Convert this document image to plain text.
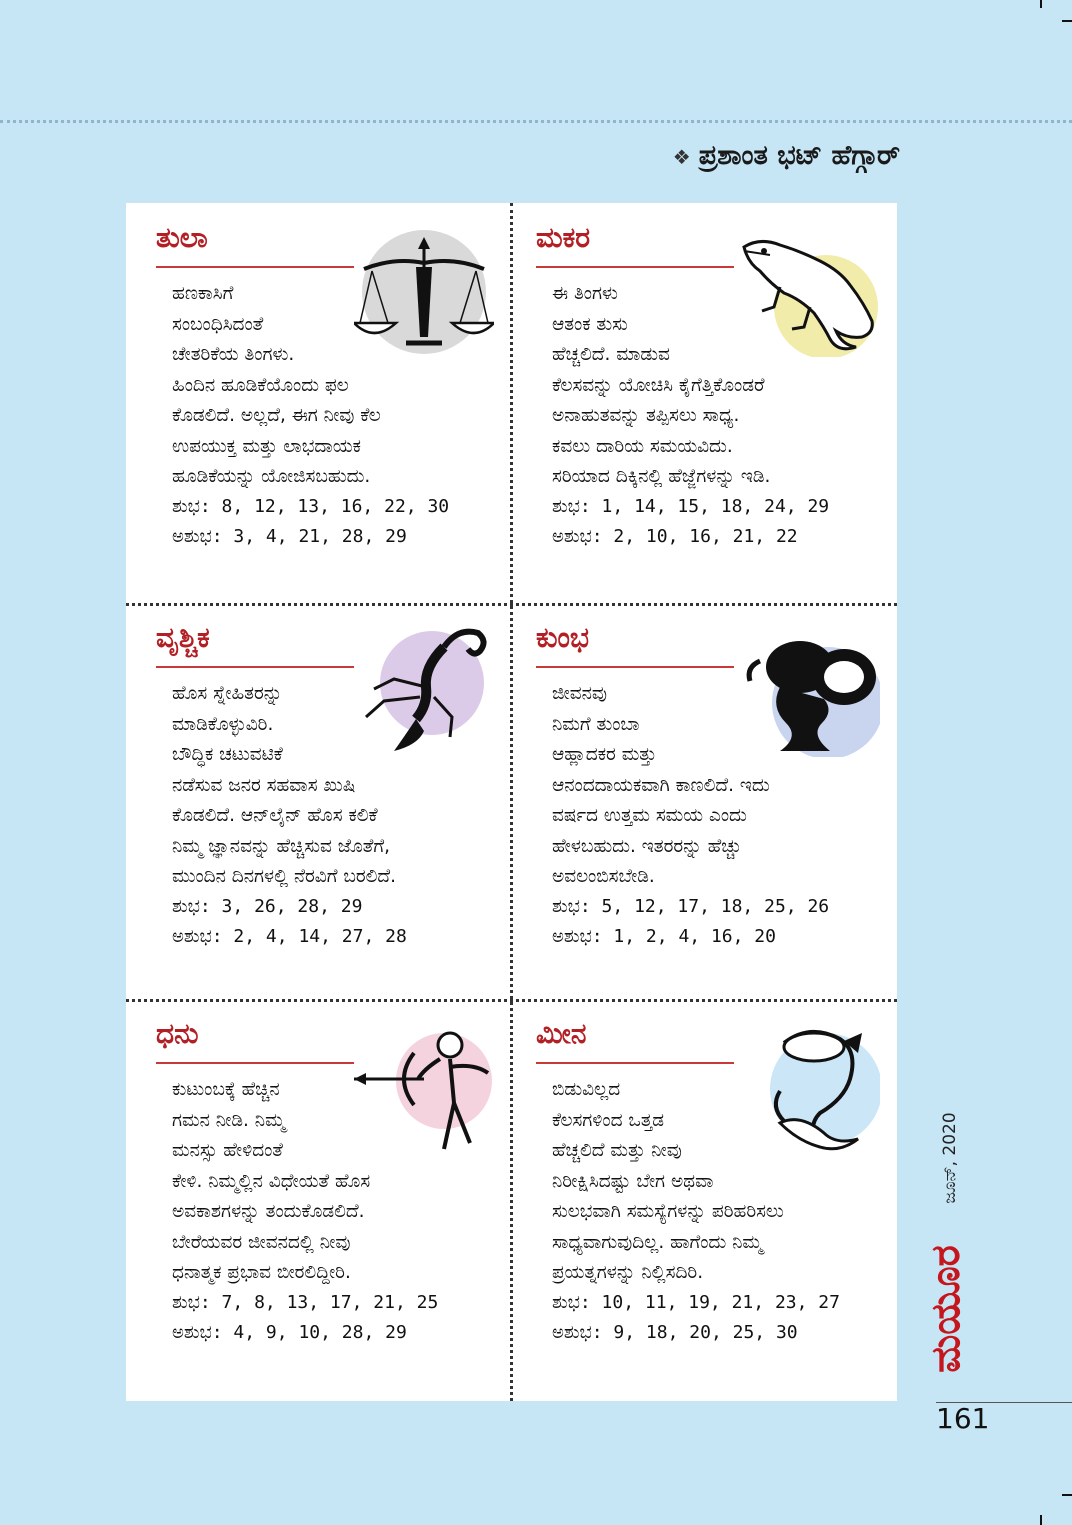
❖ ಪ್ರಶಾಂತ ಭಟ್ ಹೆಗ್ಗಾರ್
ತುಲಾ
ಹಣಕಾಸಿಗೆ
ಸಂಬಂಧಿಸಿದಂತೆ
ಚೇತರಿಕೆಯ ತಿಂಗಳು.
ಹಿಂದಿನ ಹೂಡಿಕೆಯೊಂದು ಫಲ
ಕೊಡಲಿದೆ. ಅಲ್ಲದೆ, ಈಗ ನೀವು ಕೆಲ
ಉಪಯುಕ್ತ ಮತ್ತು ಲಾಭದಾಯಕ
ಹೂಡಿಕೆಯನ್ನು ಯೋಜಿಸಬಹುದು.
ಶುಭ: 8, 12, 13, 16, 22, 30
ಅಶುಭ: 3, 4, 21, 28, 29
ಮಕರ
ಈ ತಿಂಗಳು
ಆತಂಕ ತುಸು
ಹೆಚ್ಚಲಿದೆ. ಮಾಡುವ
ಕೆಲಸವನ್ನು ಯೋಚಿಸಿ ಕೈಗೆತ್ತಿಕೊಂಡರೆ
ಅನಾಹುತವನ್ನು ತಪ್ಪಿಸಲು ಸಾಧ್ಯ.
ಕವಲು ದಾರಿಯ ಸಮಯವಿದು.
ಸರಿಯಾದ ದಿಕ್ಕಿನಲ್ಲಿ ಹೆಜ್ಜೆಗಳನ್ನು ಇಡಿ.
ಶುಭ: 1, 14, 15, 18, 24, 29
ಅಶುಭ: 2, 10, 16, 21, 22
ವೃಶ್ಚಿಕ
ಹೊಸ ಸ್ನೇಹಿತರನ್ನು
ಮಾಡಿಕೊಳ್ಳುವಿರಿ.
ಬೌದ್ಧಿಕ ಚಟುವಟಿಕೆ
ನಡೆಸುವ ಜನರ ಸಹವಾಸ ಖುಷಿ
ಕೊಡಲಿದೆ. ಆನ್‌ಲೈನ್ ಹೊಸ ಕಲಿಕೆ
ನಿಮ್ಮ ಜ್ಞಾನವನ್ನು ಹೆಚ್ಚಿಸುವ ಜೊತೆಗೆ,
ಮುಂದಿನ ದಿನಗಳಲ್ಲಿ ನೆರವಿಗೆ ಬರಲಿದೆ.
ಶುಭ: 3, 26, 28, 29
ಅಶುಭ: 2, 4, 14, 27, 28
ಕುಂಭ
ಜೀವನವು
ನಿಮಗೆ ತುಂಬಾ
ಆಹ್ಲಾದಕರ ಮತ್ತು
ಆನಂದದಾಯಕವಾಗಿ ಕಾಣಲಿದೆ. ಇದು
ವರ್ಷದ ಉತ್ತಮ ಸಮಯ ಎಂದು
ಹೇಳಬಹುದು. ಇತರರನ್ನು ಹೆಚ್ಚು
ಅವಲಂಬಿಸಬೇಡಿ.
ಶುಭ: 5, 12, 17, 18, 25, 26
ಅಶುಭ: 1, 2, 4, 16, 20
ಧನು
ಕುಟುಂಬಕ್ಕೆ ಹೆಚ್ಚಿನ
ಗಮನ ನೀಡಿ. ನಿಮ್ಮ
ಮನಸ್ಸು ಹೇಳಿದಂತೆ
ಕೇಳಿ. ನಿಮ್ಮಲ್ಲಿನ ವಿಧೇಯತೆ ಹೊಸ
ಅವಕಾಶಗಳನ್ನು ತಂದುಕೊಡಲಿದೆ.
ಬೇರೆಯವರ ಜೀವನದಲ್ಲಿ ನೀವು
ಧನಾತ್ಮಕ ಪ್ರಭಾವ ಬೀರಲಿದ್ದೀರಿ.
ಶುಭ: 7, 8, 13, 17, 21, 25
ಅಶುಭ: 4, 9, 10, 28, 29
ಮೀನ
ಬಿಡುವಿಲ್ಲದ
ಕೆಲಸಗಳಿಂದ ಒತ್ತಡ
ಹೆಚ್ಚಲಿದೆ ಮತ್ತು ನೀವು
ನಿರೀಕ್ಷಿಸಿದಷ್ಟು ಬೇಗ ಅಥವಾ
ಸುಲಭವಾಗಿ ಸಮಸ್ಯೆಗಳನ್ನು ಪರಿಹರಿಸಲು
ಸಾಧ್ಯವಾಗುವುದಿಲ್ಲ. ಹಾಗೆಂದು ನಿಮ್ಮ
ಪ್ರಯತ್ನಗಳನ್ನು ನಿಲ್ಲಿಸದಿರಿ.
ಶುಭ: 10, 11, 19, 21, 23, 27
ಅಶುಭ: 9, 18, 20, 25, 30
ಜೂನ್, 2020
ಮಯೂರ
161
